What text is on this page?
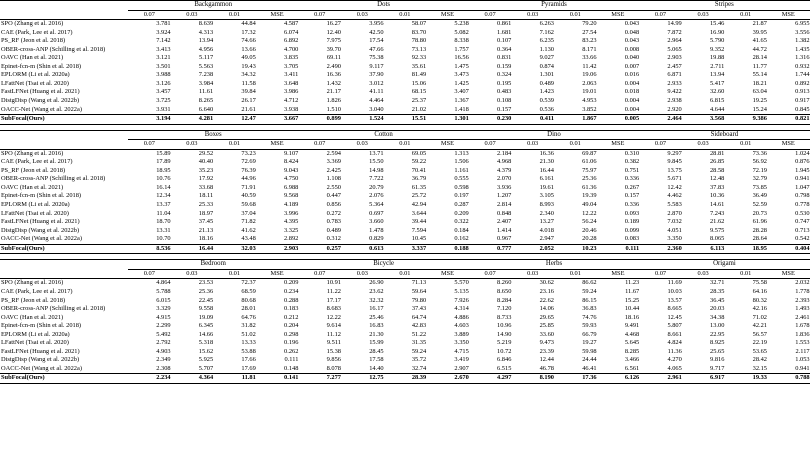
	Backgammon				Dots				Pyramids				Stripes			
	0.07	0.03	0.01	MSE	0.07	0.03	0.01	MSE	0.07	0.03	0.01	MSE	0.07	0.03	0.01	MSE
SPO (Zhang et al. 2016)	3.781	8.639	44.84	4.587	16.27	3.956	58.07	5.238	0.861	6.263	79.20	0.043	14.99	15.46	21.87	6.955
CAE (Park, Lee et al. 2017)	3.924	4.313	17.32	6.074	12.40	42.50	83.70	5.082	1.681	7.162	27.54	0.048	7.872	16.90	39.95	3.556
PS_RF (Jeon et al. 2018)	7.142	13.94	74.66	6.892	7.975	17.54	78.80	8.338	0.107	6.235	83.23	0.043	2.964	5.790	41.65	1.382
OBER-cross-ANP (Schilling et al. 2018)	3.413	4.956	13.66	4.700	39.70	47.66	73.13	1.757	0.364	1.130	8.171	0.008	5.065	9.352	44.72	1.435
OAVC (Han et al. 2021)	3.121	5.117	49.05	3.835	69.11	75.38	92.33	16.56	0.831	9.027	33.66	0.040	2.903	19.88	28.14	1.316
Epinet-fcn-m (Shin et al. 2018)	3.501	5.563	19.43	3.705	2.490	9.117	35.61	1.475	0.159	0.874	11.42	0.007	2.457	2.711	11.77	0.932
EPLORM (Li et al. 2020a)	3.988	7.238	34.32	3.411	16.36	37.90	81.49	3.473	0.324	1.301	19.06	0.016	6.871	13.94	55.14	1.744
LFattNet (Tsai et al. 2020)	3.126	3.984	11.58	3.648	1.432	3.012	15.06	1.425	0.195	0.489	2.063	0.004	2.933	5.417	18.21	0.892
FastLFNet (Huang et al. 2021)	3.457	11.61	39.84	3.986	21.17	41.11	68.15	3.407	0.483	1.423	19.01	0.018	9.422	32.60	63.04	0.913
DistgDisp (Wang et al. 2022b)	3.725	8.265	26.17	4.712	1.826	4.464	25.37	1.367	0.108	0.539	4.953	0.004	2.938	6.815	19.25	0.917
OACC-Net (Wang et al. 2022a)	3.931	6.640	21.61	3.938	1.510	3.040	21.02	1.418	0.157	0.536	3.852	0.004	2.920	4.644	15.24	0.845
SubFocal(Ours)	3.194	4.281	12.47	3.667	0.899	1.524	15.51	1.301	0.230	0.411	1.867	0.005	2.464	3.568	9.386	0.821
	Boxes				Cotton				Dino				Sideboard			
	0.07	0.03	0.01	MSE	0.07	0.03	0.01	MSE	0.07	0.03	0.01	MSE	0.07	0.03	0.01	MSE
SPO (Zhang et al. 2016)	15.89	29.52	73.23	9.107	2.594	13.71	69.05	1.313	2.184	16.36	69.87	0.310	9.297	28.81	73.36	1.024
CAE (Park, Lee et al. 2017)	17.89	40.40	72.69	8.424	3.369	15.50	59.22	1.506	4.968	21.30	61.06	0.382	9.845	26.85	56.92	0.876
PS_RF (Jeon et al. 2018)	18.95	35.23	76.39	9.043	2.425	14.98	70.41	1.161	4.379	16.44	75.97	0.751	13.75	28.58	72.19	1.945
OBER-cross-ANP (Schilling et al. 2018)	10.76	17.92	44.96	4.750	1.108	7.722	36.79	0.555	2.070	6.161	25.36	0.336	5.671	12.48	32.79	0.941
OAVC (Han et al. 2021)	16.14	33.68	71.91	6.988	2.550	20.79	61.35	0.598	3.936	19.61	61.36	0.267	12.42	37.83	73.85	1.047
Epinet-fcn-m (Shin et al. 2018)	12.34	18.11	40.59	9.568	0.447	2.076	25.72	0.197	1.207	3.105	19.39	0.157	4.462	10.36	36.49	0.798
EPLORM (Li et al. 2020a)	13.37	25.33	59.68	4.189	0.856	5.364	42.94	0.287	2.814	8.993	49.04	0.336	5.583	14.61	52.59	0.778
LFattNet (Tsai et al. 2020)	11.04	18.97	37.04	3.996	0.272	0.697	3.644	0.209	0.848	2.340	12.22	0.093	2.870	7.243	20.73	0.530
FastLFNet (Huang et al. 2021)	18.70	37.45	71.82	4.395	0.783	3.660	39.44	0.322	2.407	13.27	56.24	0.189	7.032	21.62	61.96	0.747
DistgDisp (Wang et al. 2022b)	13.31	21.13	41.62	3.325	0.489	1.478	7.594	0.184	1.414	4.018	20.46	0.099	4.051	9.575	28.28	0.713
OACC-Net (Wang et al. 2022a)	10.70	18.16	43.48	2.892	0.312	0.829	10.45	0.162	0.967	2.947	20.28	0.083	3.350	8.065	28.64	0.542
SubFocal(Ours)	8.536	16.44	32.03	2.903	0.257	0.613	3.337	0.188	0.777	2.052	10.23	0.111	2.360	6.113	18.95	0.404
	Bedroom				Bicycle				Herbs				Origami			
	0.07	0.03	0.01	MSE	0.07	0.03	0.01	MSE	0.07	0.03	0.01	MSE	0.07	0.03	0.01	MSE
SPO (Zhang et al. 2016)	4.864	23.53	72.37	0.209	10.91	26.90	71.13	5.570	8.260	30.62	86.62	11.23	11.69	32.71	75.58	2.032
CAE (Park, Lee et al. 2017)	5.788	25.36	68.59	0.234	11.22	23.62	59.64	5.135	8.650	23.16	59.24	11.67	10.03	28.35	64.16	1.778
PS_RF (Jeon et al. 2018)	6.015	22.45	80.68	0.288	17.17	32.32	79.80	7.926	8.284	22.62	86.15	15.25	13.57	36.45	80.32	2.393
OBER-cross-ANP (Schilling et al. 2018)	3.329	9.558	28.01	0.183	8.683	16.17	37.43	4.314	7.120	14.06	36.83	10.44	8.665	20.03	42.16	1.493
OAVC (Han et al. 2021)	4.915	19.09	64.76	0.212	12.22	25.46	64.74	4.886	8.733	29.65	74.76	18.16	12.45	34.38	71.02	2.461
Epinet-fcn-m (Shin et al. 2018)	2.299	6.345	31.82	0.204	9.614	16.83	42.83	4.603	10.96	25.85	59.93	9.491	5.807	13.00	42.21	1.678
EPLORM (Li et al. 2020a)	5.492	14.66	51.02	0.298	11.12	21.30	51.22	3.889	14.90	33.60	66.79	4.468	8.661	22.95	56.57	1.836
LFattNet (Tsai et al. 2020)	2.792	5.318	13.33	0.196	9.511	15.99	31.35	3.350	5.219	9.473	19.27	5.645	4.824	8.925	22.19	1.553
FastLFNet (Huang et al. 2021)	4.903	15.62	53.88	0.262	15.38	28.45	59.24	4.715	10.72	23.39	59.98	8.285	11.36	25.65	53.65	2.117
DistgDisp (Wang et al. 2022b)	2.349	5.925	17.66	0.111	9.856	17.58	35.72	3.419	6.846	12.44	24.44	3.466	4.270	9.816	28.42	1.053
OACC-Net (Wang et al. 2022a)	2.308	5.707	17.69	0.148	8.078	14.40	32.74	2.907	6.515	46.78	46.41	6.561	4.065	9.717	32.15	0.941
SubFocal(Ours)	2.234	4.364	11.81	0.141	7.277	12.75	28.39	2.670	4.297	8.190	17.36	6.126	2.961	6.917	19.33	0.788
